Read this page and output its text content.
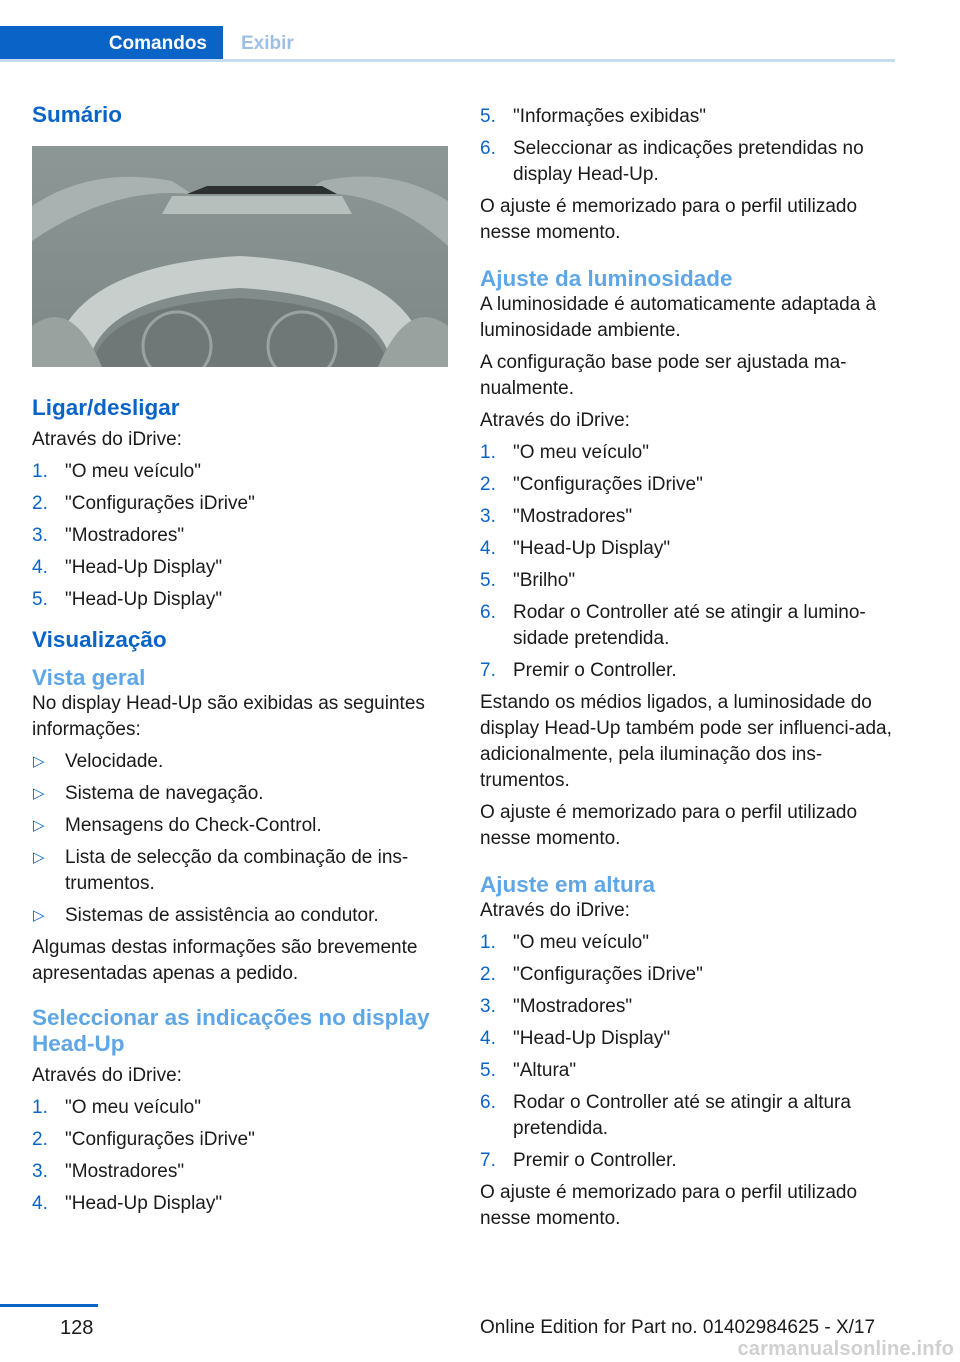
Comandos	Exibir
Sumário
Ligar/desligar

Através do iDrive:

1. "O meu veículo"
2. "Configurações iDrive"
3. "Mostradores"
4. "Head-Up Display"
5. "Head-Up Display"
Visualização
Vista geral

No display Head-Up são exibidas as seguintes informações:

▷ Velocidade.
▷ Sistema de navegação.
▷ Mensagens do Check-Control.
▷ Lista de selecção da combinação de ins-trumentos.
▷ Sistemas de assistência ao condutor.

Algumas destas informações são brevemente apresentadas apenas a pedido.

Seleccionar as indicações no display Head-Up

Através do iDrive:

1. "O meu veículo"
2. "Configurações iDrive"
3. "Mostradores"
4. "Head-Up Display"
5. "Informações exibidas"
6. Seleccionar as indicações pretendidas no display Head-Up.

O ajuste é memorizado para o perfil utilizado nesse momento.

Ajuste da luminosidade

A luminosidade é automaticamente adaptada à luminosidade ambiente.

A configuração base pode ser ajustada ma-nualmente.

Através do iDrive:

1. "O meu veículo"
2. "Configurações iDrive"
3. "Mostradores"
4. "Head-Up Display"
5. "Brilho"
6. Rodar o Controller até se atingir a lumino-sidade pretendida.
7. Premir o Controller.

Estando os médios ligados, a luminosidade do display Head-Up também pode ser influenci-ada, adicionalmente, pela iluminação dos ins-trumentos.

O ajuste é memorizado para o perfil utilizado nesse momento.

Ajuste em altura

Através do iDrive:

1. "O meu veículo"
2. "Configurações iDrive"
3. "Mostradores"
4. "Head-Up Display"
5. "Altura"
6. Rodar o Controller até se atingir a altura pretendida.
7. Premir o Controller.

O ajuste é memorizado para o perfil utilizado nesse momento.

128	Online Edition for Part no. 01402984625 - X/17
carmanualsonline.info
